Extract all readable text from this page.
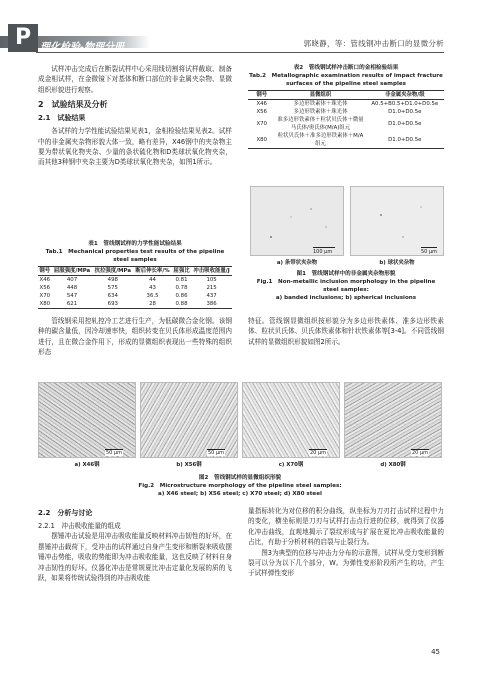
P 理化检验-物理分册	郭晓静，等：管线钢冲击断口的显微分析

试样冲击完成后在断裂试样中心采用线切割将试样截取、制备成金相试样，在金微镜下对基体和断口部位的非金属夹杂物、显微组织形貌进行观察。

2　试验结果及分析
2.1　试验结果

各试样的力学性能试验结果见表1，金相检验结果见表2。试样中的非金属夹杂物形貌大体一致，略有差异，X46钢中的夹杂物主要为带状氧化物夹杂、少量的条状硫化物和D类球状氧化物夹杂，而其他3种钢中夹杂主要为D类球状氧化物夹杂，如图1所示。

表1　管线钢试样的力学性能试验结果
Tab.1　Mechanical properties test results of the pipeline steel samples
钢号	屈服强度/MPa	抗拉强度/MPa	断后伸长率/%	屈强比	冲击吸收能量/J
X46	407	498	44	0.81	105
X56	448	575	43	0.78	215
X70	547	634	36.5	0.86	437
X80	621	693	28	0.88	386

管线钢采用控轧控冷工艺进行生产，为低碳微合金化钢。该钢种的碳含量低，因冷却速率快，组织转变在贝氏体形成温度范围内进行，且在微合金作用下，形成的显微组织表现出一些特殊的组织形态

表2　管线钢试样冲击断口的金相检验结果
Tab.2　Metallographic examination results of impact fracture
surfaces of the pipeline steel samples
钢号	显微组织	非金属夹杂物/级
X46	多边形铁素体＋珠光体	A0.5+B0.5+D1.0+D0.5e
X56	多边形铁素体＋珠光体	D1.0+D0.5e
X70	准多边形铁素体＋粒状贝氏体＋微量马氏体/奥氏体(M/A)组元	D1.0+D0.5e
X80	粒状贝氏体＋准多边形铁素体＋M/A组元	D1.0+D0.5e
100 μm	50 μm
a) 条带状夹杂物	b) 球状夹杂物
图1　管线钢试样中的非金属夹杂物形貌
Fig.1　Non-metallic inclusion morphology in the pipeline steel samples:
a) banded inclusions; b) spherical inclusions

特征。管线钢显微组织按形貌分为多边形铁素体、准多边形铁素体、粒状贝氏体、贝氏体铁素体和针状铁素体等[3-4]。不同管线钢试样的显微组织形貌如图2所示。

50 μm	50 μm	20 μm	20 μm
a) X46钢	b) X56钢	c) X70钢	d) X80钢
图2　管线钢试样的显微组织形貌
Fig.2　Microstructure morphology of the pipeline steel samples:
a) X46 steel; b) X56 steel; c) X70 steel; d) X80 steel
2.2　分析与讨论
2.2.1　冲击吸收能量的组成

摆锤冲击试验是用冲击吸收能量反映材料冲击韧性的好坏，在摆锤冲击载荷下，受冲击的试样通过自身产生变形和断裂来吸收摆锤冲击势能，吸收的势能即为冲击吸收能量，这也反映了材料自身冲击韧性的好坏。仪器化冲击是常规夏比冲击定量化发展的质的飞跃，如果将传统试验得到的冲击吸收能

量指标转化为对位移的积分曲线，纵坐标为刀刃打击试样过程中力的变化，横坐标则是刀刃与试样打击点行进的位移，就得到了仪器化冲击曲线，直观地揭示了裂纹形成与扩展在夏比冲击吸收能量的占比，有助于分析材料的启裂与止裂行为。

图3为典型的位移与冲击力分布的示意图，试样从受力变形到断裂可以分为以下几个部分，W。为弹性变形阶段所产生的功，产生于试样弹性变形

45
